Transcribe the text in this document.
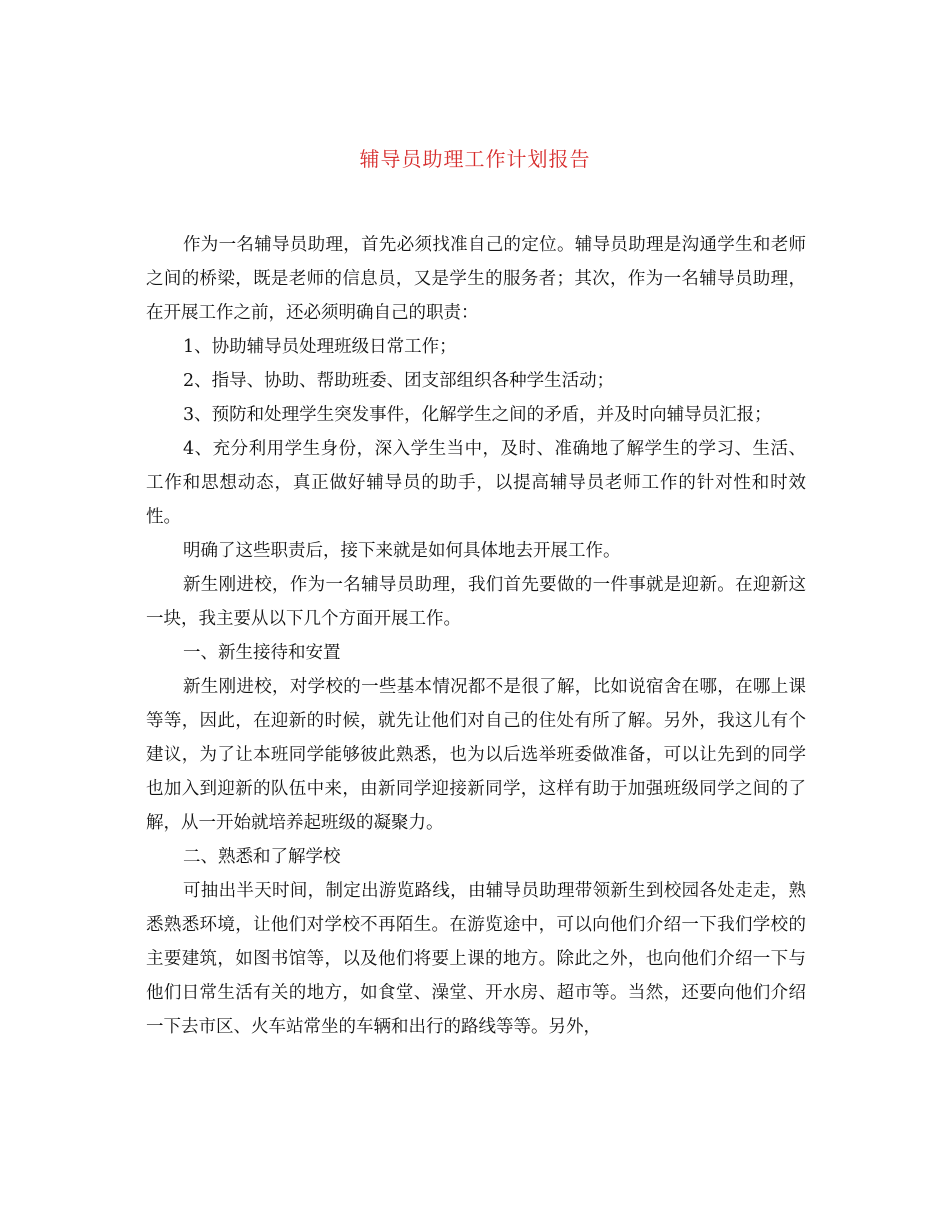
辅导员助理工作计划报告

作为一名辅导员助理，首先必须找准自己的定位。辅导员助理是沟通学生和老师之间的桥梁，既是老师的信息员，又是学生的服务者；其次，作为一名辅导员助理，在开展工作之前，还必须明确自己的职责：

1、协助辅导员处理班级日常工作；

2、指导、协助、帮助班委、团支部组织各种学生活动；

3、预防和处理学生突发事件，化解学生之间的矛盾，并及时向辅导员汇报；

4、充分利用学生身份，深入学生当中，及时、准确地了解学生的学习、生活、工作和思想动态，真正做好辅导员的助手，以提高辅导员老师工作的针对性和时效性。

明确了这些职责后，接下来就是如何具体地去开展工作。

新生刚进校，作为一名辅导员助理，我们首先要做的一件事就是迎新。在迎新这一块，我主要从以下几个方面开展工作。

一、新生接待和安置

新生刚进校，对学校的一些基本情况都不是很了解，比如说宿舍在哪，在哪上课等等，因此，在迎新的时候，就先让他们对自己的住处有所了解。另外，我这儿有个建议，为了让本班同学能够彼此熟悉，也为以后选举班委做准备，可以让先到的同学也加入到迎新的队伍中来，由新同学迎接新同学，这样有助于加强班级同学之间的了解，从一开始就培养起班级的凝聚力。

二、熟悉和了解学校

可抽出半天时间，制定出游览路线，由辅导员助理带领新生到校园各处走走，熟悉熟悉环境，让他们对学校不再陌生。在游览途中，可以向他们介绍一下我们学校的主要建筑，如图书馆等，以及他们将要上课的地方。除此之外，也向他们介绍一下与他们日常生活有关的地方，如食堂、澡堂、开水房、超市等。当然，还要向他们介绍一下去市区、火车站常坐的车辆和出行的路线等等。另外，
